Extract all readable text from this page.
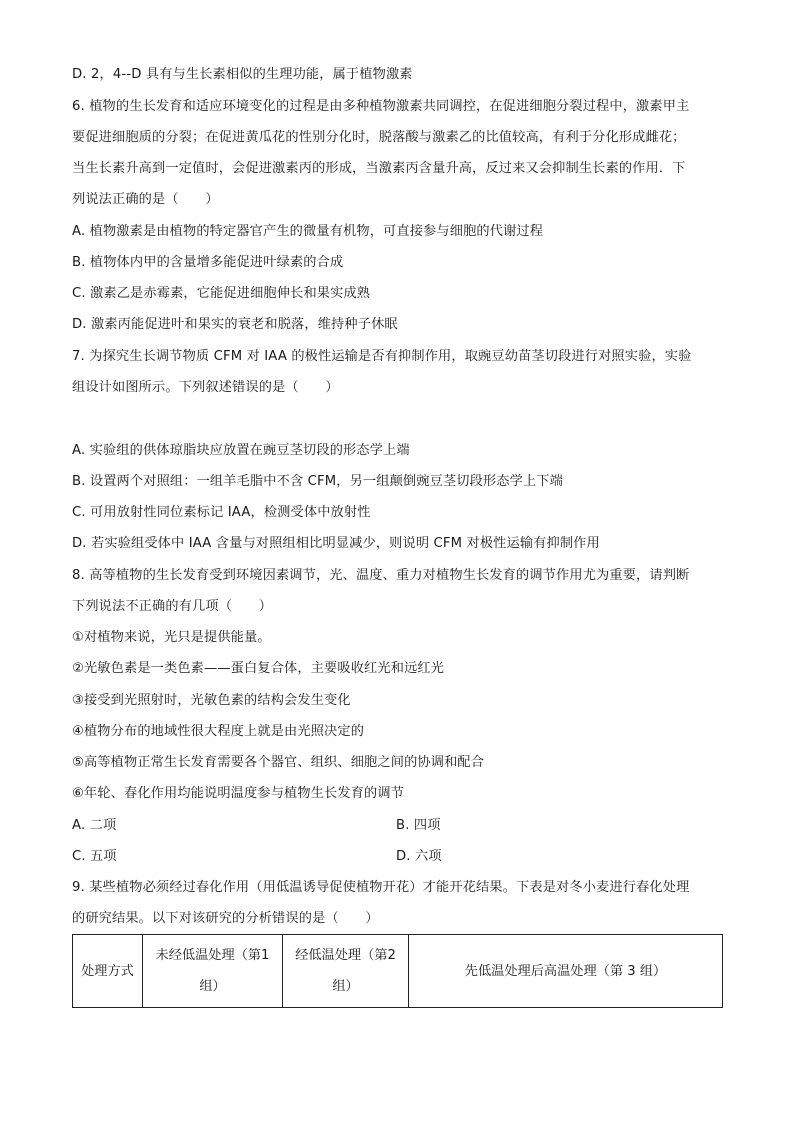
D. 2，4--D 具有与生长素相似的生理功能，属于植物激素
6. 植物的生长发育和适应环境变化的过程是由多种植物激素共同调控，在促进细胞分裂过程中，激素甲主
要促进细胞质的分裂；在促进黄瓜花的性别分化时，脱落酸与激素乙的比值较高，有利于分化形成雌花；
当生长素升高到一定值时，会促进激素丙的形成，当激素丙含量升高，反过来又会抑制生长素的作用．下
列说法正确的是（　　）
A. 植物激素是由植物的特定器官产生的微量有机物，可直接参与细胞的代谢过程
B. 植物体内甲的含量增多能促进叶绿素的合成
C. 激素乙是赤霉素，它能促进细胞伸长和果实成熟
D. 激素丙能促进叶和果实的衰老和脱落，维持种子休眠
7. 为探究生长调节物质 CFM 对 IAA 的极性运输是否有抑制作用，取豌豆幼苗茎切段进行对照实验，实验
组设计如图所示。下列叙述错误的是（　　）
A. 实验组的供体琼脂块应放置在豌豆茎切段的形态学上端
B. 设置两个对照组：一组羊毛脂中不含 CFM，另一组颠倒豌豆茎切段形态学上下端
C. 可用放射性同位素标记 IAA，检测受体中放射性
D. 若实验组受体中 IAA 含量与对照组相比明显减少，则说明 CFM 对极性运输有抑制作用
8. 高等植物的生长发育受到环境因素调节，光、温度、重力对植物生长发育的调节作用尤为重要，请判断
下列说法不正确的有几项（　　）
①对植物来说，光只是提供能量。
②光敏色素是一类色素——蛋白复合体，主要吸收红光和远红光
③接受到光照射时，光敏色素的结构会发生变化
④植物分布的地域性很大程度上就是由光照决定的
⑤高等植物正常生长发育需要各个器官、组织、细胞之间的协调和配合
⑥年轮、春化作用均能说明温度参与植物生长发育的调节
A. 二项	B. 四项
C. 五项	D. 六项
9. 某些植物必须经过春化作用（用低温诱导促使植物开花）才能开花结果。下表是对冬小麦进行春化处理
的研究结果。以下对该研究的分析错误的是（　　）
处理方式	未经低温处理（第1组）	经低温处理（第2组）	先低温处理后高温处理（第 3 组）
